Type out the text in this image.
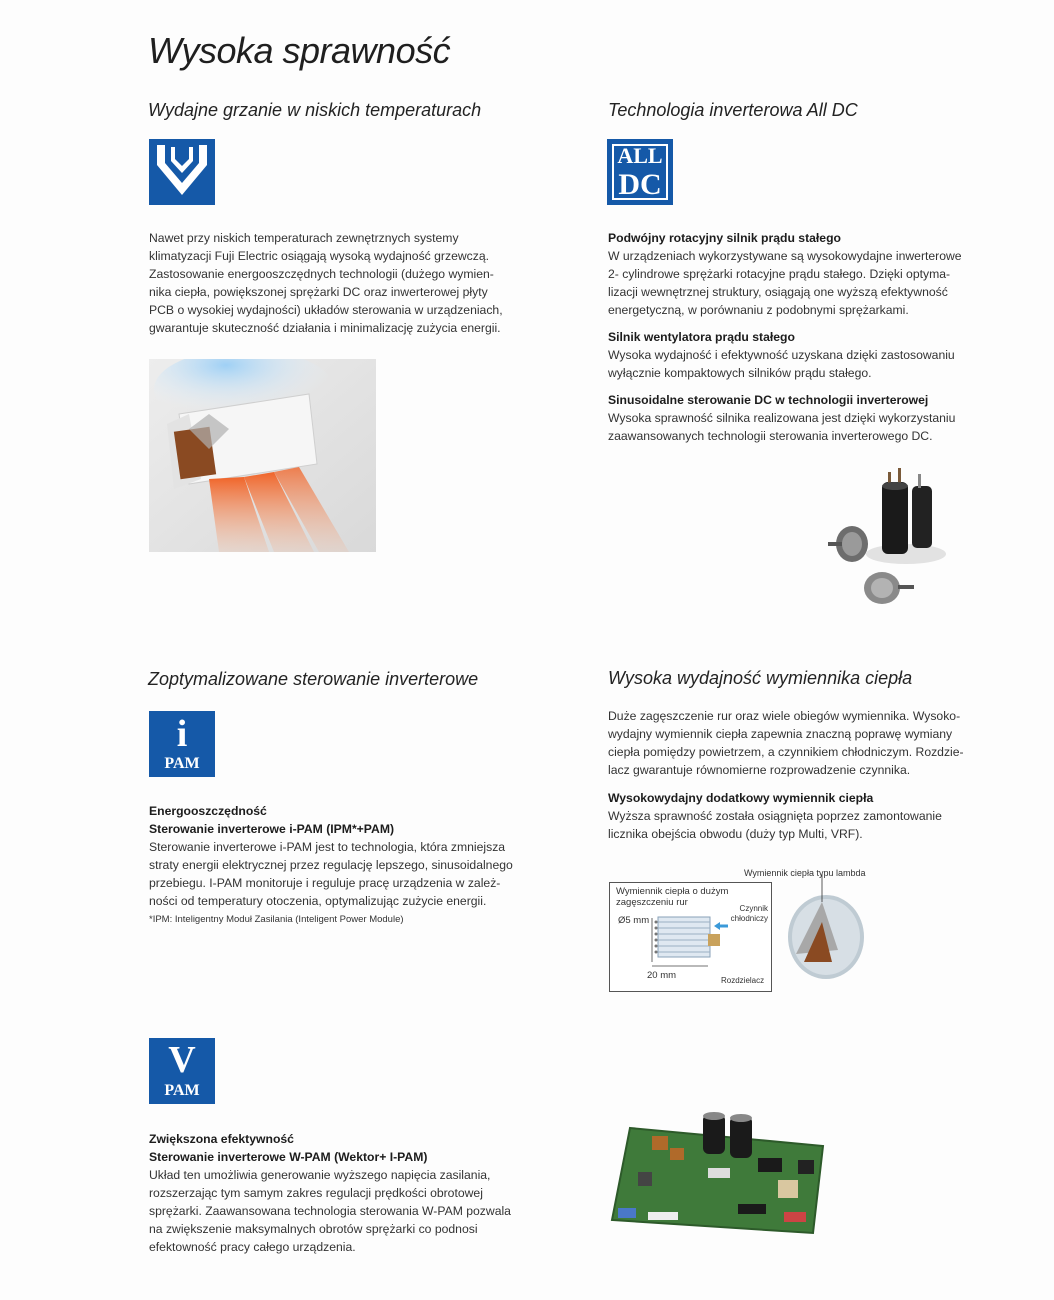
Wysoka sprawność
Wydajne grzanie w niskich temperaturach
Nawet przy niskich temperaturach zewnętrznych systemy
klimatyzacji Fuji Electric osiągają wysoką wydajność grzewczą.
Zastosowanie energooszczędnych technologii (dużego wymien-
nika ciepła, powiększonej sprężarki DC oraz inwerterowej płyty
PCB o wysokiej wydajności) układów sterowania w urządzeniach,
gwarantuje skuteczność działania i minimalizację zużycia energii.
Technologia inverterowa All DC
ALL
DC
Podwójny rotacyjny silnik prądu stałego
W urządzeniach wykorzystywane są wysokowydajne inwerterowe
2- cylindrowe sprężarki rotacyjne prądu stałego. Dzięki optyma-
lizacji wewnętrznej struktury, osiągają one wyższą efektywność
energetyczną, w porównaniu z podobnymi sprężarkami.
Silnik wentylatora prądu stałego
Wysoka wydajność i efektywność uzyskana dzięki zastosowaniu
wyłącznie kompaktowych silników prądu stałego.
Sinusoidalne sterowanie DC w technologii inverterowej
Wysoka sprawność silnika realizowana jest dzięki wykorzystaniu
zaawansowanych technologii sterowania inverterowego DC.
Zoptymalizowane sterowanie inverterowe
i
PAM
Energooszczędność
Sterowanie inverterowe i-PAM (IPM*+PAM)
Sterowanie inverterowe i-PAM jest to technologia, która zmniejsza
straty energii elektrycznej przez regulację lepszego, sinusoidalnego
przebiegu. I-PAM monitoruje i reguluje pracę urządzenia w zależ-
ności od temperatury otoczenia, optymalizując zużycie energii.
*IPM: Inteligentny Moduł Zasilania (Inteligent Power Module)
Wysoka wydajność wymiennika ciepła
Duże zagęszczenie rur oraz wiele obiegów wymiennika. Wysoko-
wydajny wymiennik ciepła zapewnia znaczną poprawę wymiany
ciepła pomiędzy powietrzem, a czynnikiem chłodniczym. Rozdzie-
lacz gwarantuje równomierne rozprowadzenie czynnika.
Wysokowydajny dodatkowy wymiennik ciepła
Wyższa sprawność została osiągnięta poprzez zamontowanie
licznika obejścia obwodu (duży typ Multi, VRF).
Wymiennik ciepła o dużym
zagęszczeniu rur
Ø5 mm
20 mm
Czynnik
chłodniczy
Rozdzielacz
Wymiennik ciepła typu lambda
V
PAM
Zwiększona efektywność
Sterowanie inverterowe W-PAM (Wektor+ I-PAM)
Układ ten umożliwia generowanie wyższego napięcia zasilania,
rozszerzając tym samym zakres regulacji prędkości obrotowej
sprężarki. Zaawansowana technologia sterowania W-PAM pozwala
na zwiększenie maksymalnych obrotów sprężarki co podnosi
efektowność pracy całego urządzenia.
